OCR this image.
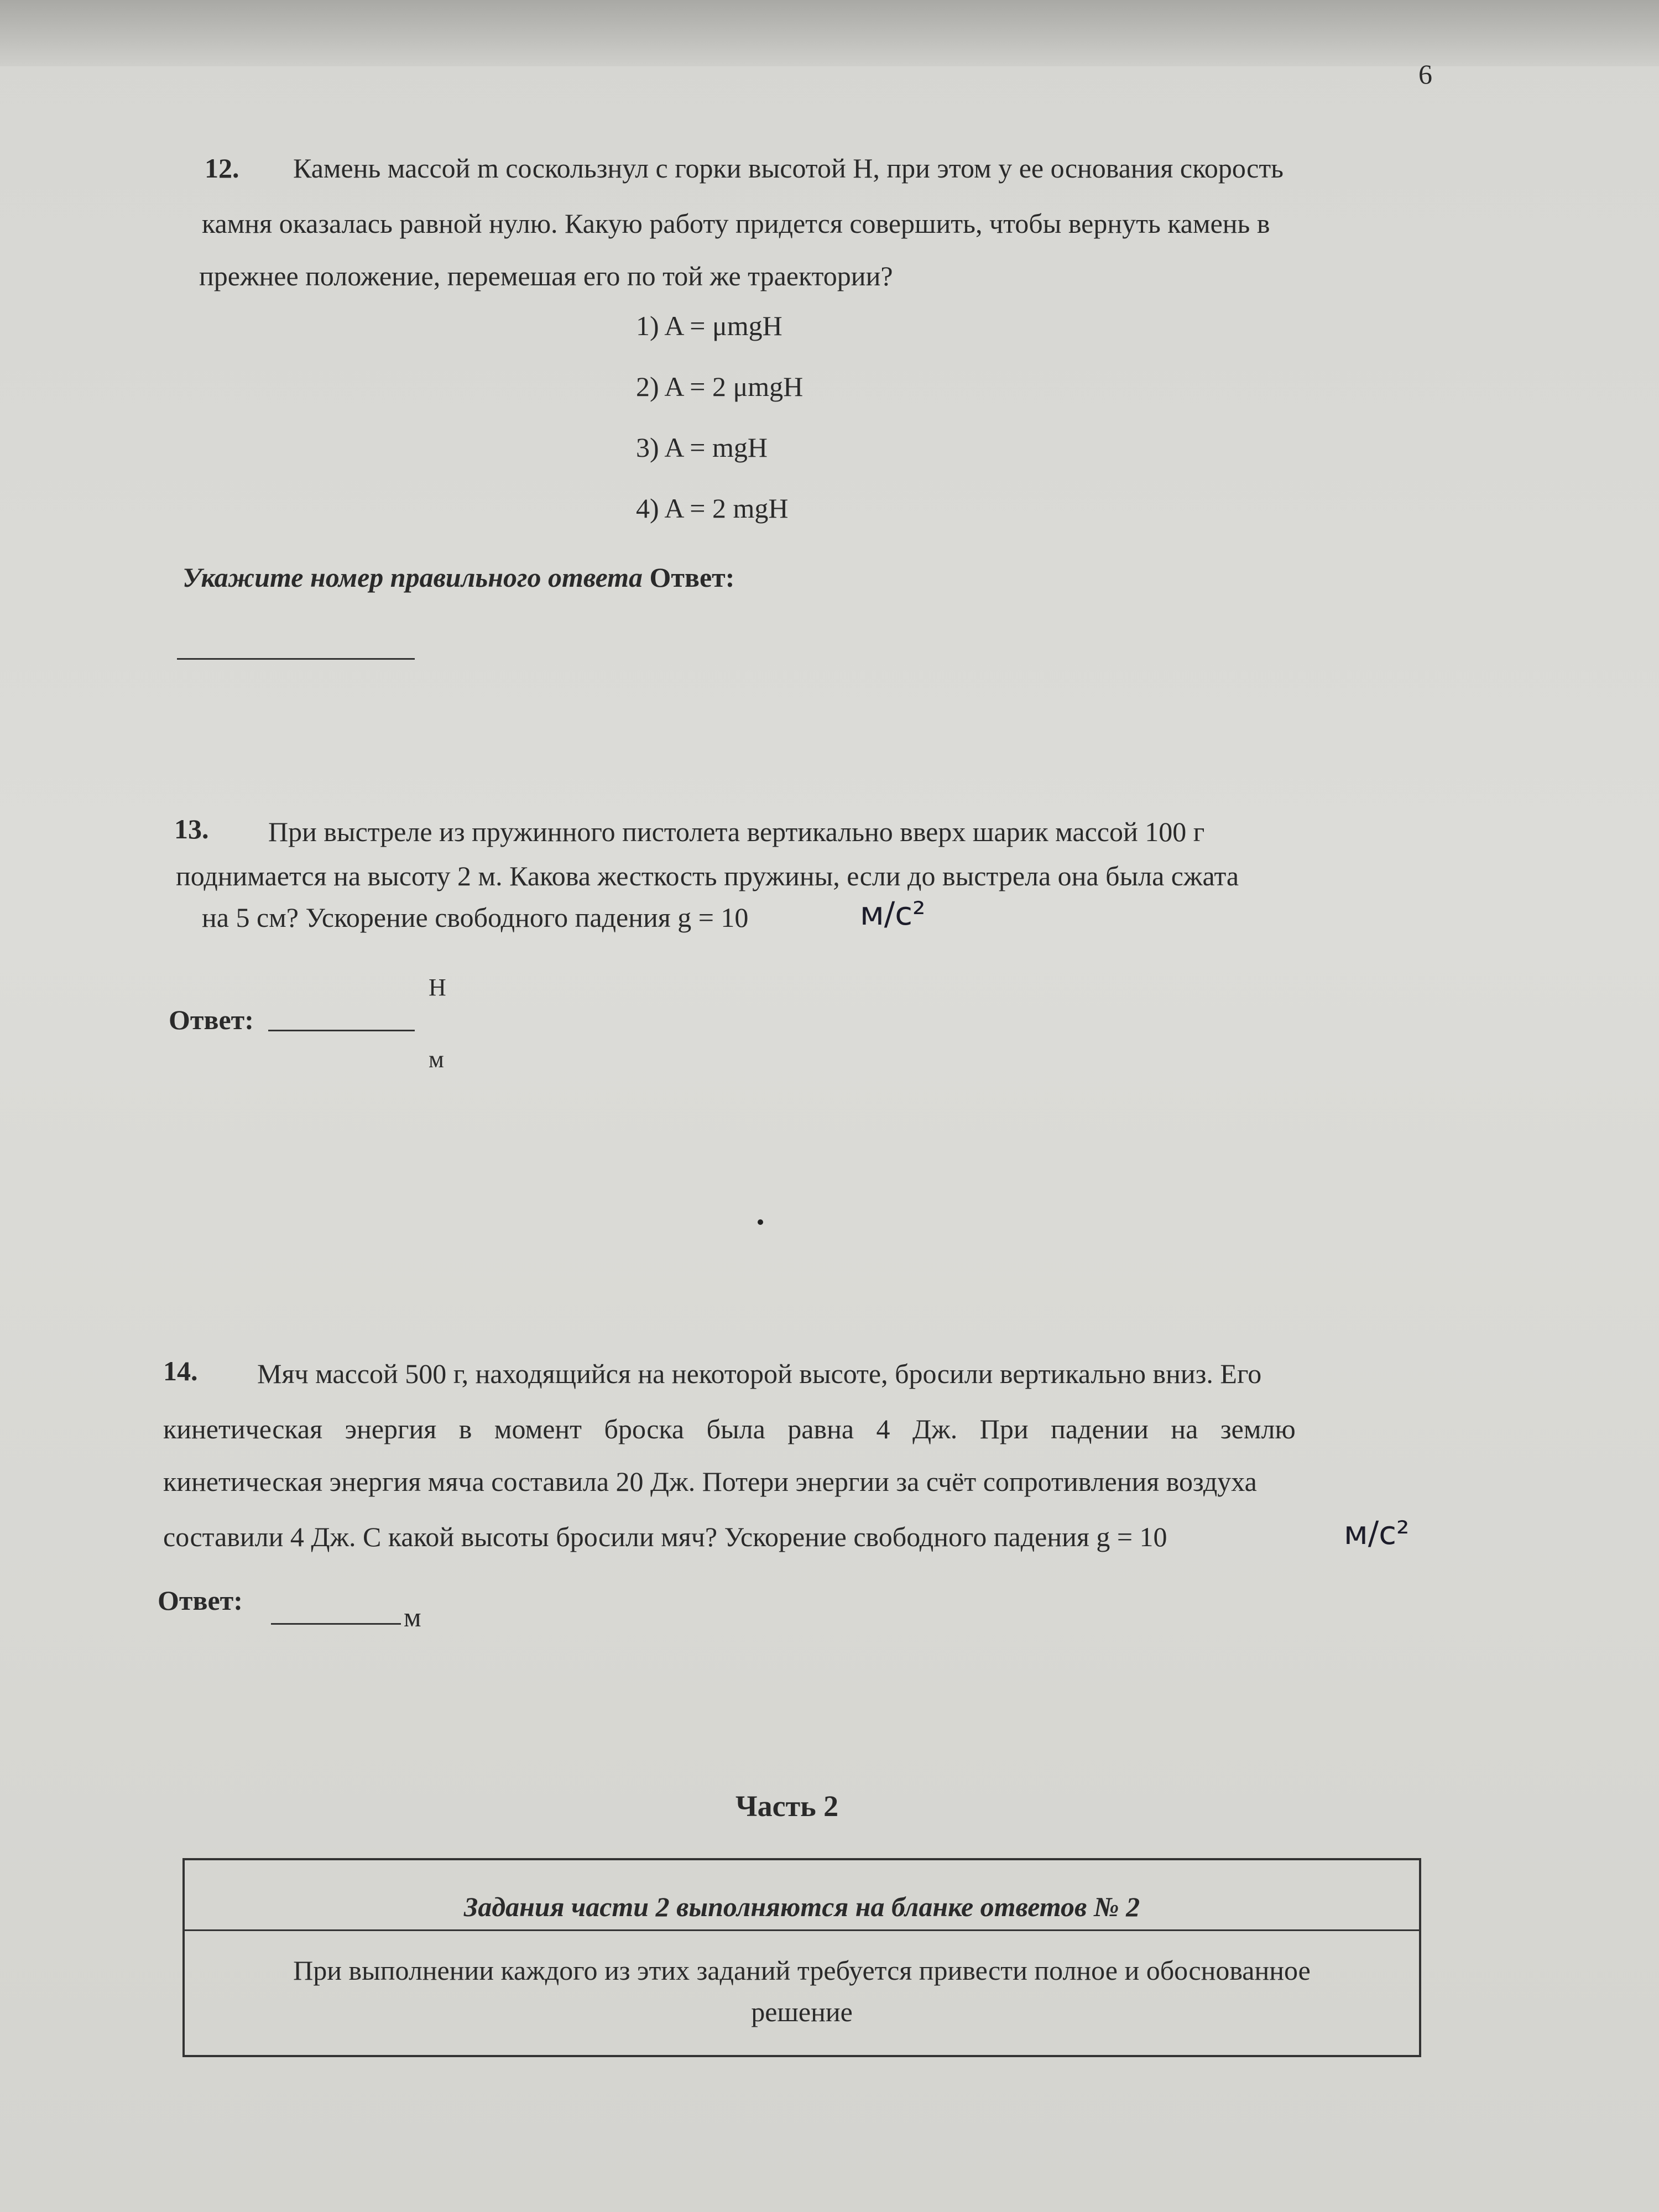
6
12. Камень массой m соскользнул с горки высотой H, при этом у ее основания скорость
камня оказалась равной нулю. Какую работу придется совершить, чтобы вернуть камень в
прежнее положение, перемешая его по той же траектории?
1) A = μmgH
2) A = 2 μmgH
3) A = mgH
4) A = 2 mgH
Укажите номер правильного ответа Ответ:
13. При выстреле из пружинного пистолета вертикально вверх шарик массой 100 г
поднимается на высоту 2 м. Какова жесткость пружины, если до выстрела она была сжата
на 5 см? Ускорение свободного падения g = 10	м/с²
Н
Ответ:
м
14. Мяч массой 500 г, находящийся на некоторой высоте, бросили вертикально вниз. Его
кинетическая энергия в момент броска была равна 4 Дж. При падении на землю
кинетическая энергия мяча составила 20 Дж. Потери энергии за счёт сопротивления воздуха
составили 4 Дж. С какой высоты бросили мяч? Ускорение свободного падения g = 10	м/с²
Ответ:
м
Часть 2
Задания части 2 выполняются на бланке ответов № 2
При выполнении каждого из этих заданий требуется привести полное и обоснованное
решение
